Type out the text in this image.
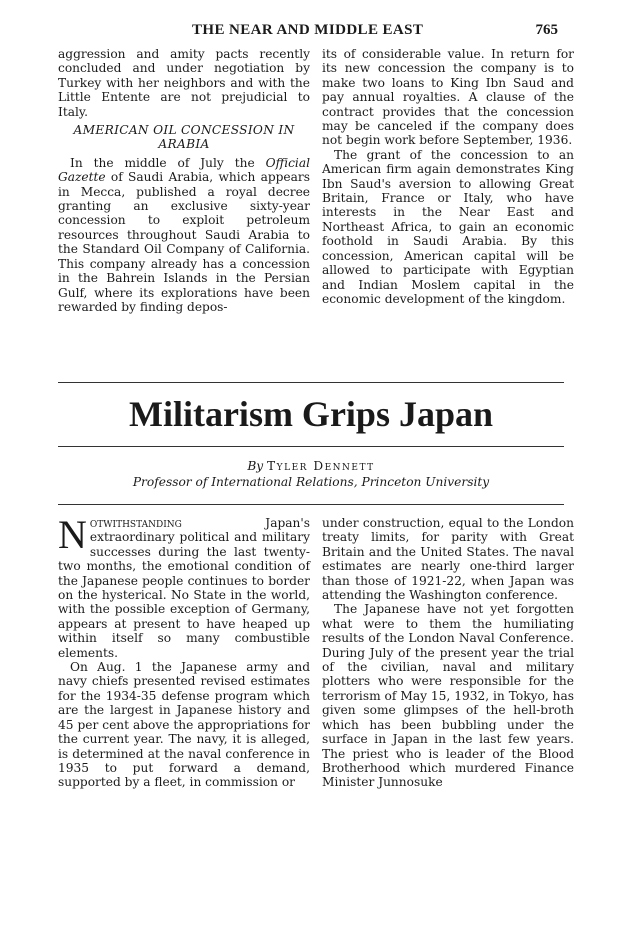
THE NEAR AND MIDDLE EAST	765

aggression and amity pacts recently concluded and under negotiation by Turkey with her neighbors and with the Little Entente are not prejudicial to Italy.

AMERICAN OIL CONCESSION IN
ARABIA

In the middle of July the Official Gazette of Saudi Arabia, which appears in Mecca, published a royal decree granting an exclusive sixty-year concession to exploit petroleum resources throughout Saudi Arabia to the Standard Oil Company of California. This company already has a concession in the Bahrein Islands in the Persian Gulf, where its explorations have been rewarded by finding depos-

its of considerable value. In return for its new concession the company is to make two loans to King Ibn Saud and pay annual royalties. A clause of the contract provides that the concession may be canceled if the company does not begin work before September, 1936.

The grant of the concession to an American firm again demonstrates King Ibn Saud's aversion to allowing Great Britain, France or Italy, who have interests in the Near East and Northeast Africa, to gain an economic foothold in Saudi Arabia. By this concession, American capital will be allowed to participate with Egyptian and Indian Moslem capital in the economic development of the kingdom.

Militarism Grips Japan
By Tyler Dennett
Professor of International Relations, Princeton University

Notwithstanding Japan's extraordinary political and military successes during the last twenty-two months, the emotional condition of the Japanese people continues to border on the hysterical. No State in the world, with the possible exception of Germany, appears at present to have heaped up within itself so many combustible elements.

On Aug. 1 the Japanese army and navy chiefs presented revised estimates for the 1934-35 defense program which are the largest in Japanese history and 45 per cent above the appropriations for the current year. The navy, it is alleged, is determined at the naval conference in 1935 to put forward a demand, supported by a fleet, in commission or

under construction, equal to the London treaty limits, for parity with Great Britain and the United States. The naval estimates are nearly one-third larger than those of 1921-22, when Japan was attending the Washington conference.

The Japanese have not yet forgotten what were to them the humiliating results of the London Naval Conference. During July of the present year the trial of the civilian, naval and military plotters who were responsible for the terrorism of May 15, 1932, in Tokyo, has given some glimpses of the hell-broth which has been bubbling under the surface in Japan in the last few years. The priest who is leader of the Blood Brotherhood which murdered Finance Minister Junnosuke
